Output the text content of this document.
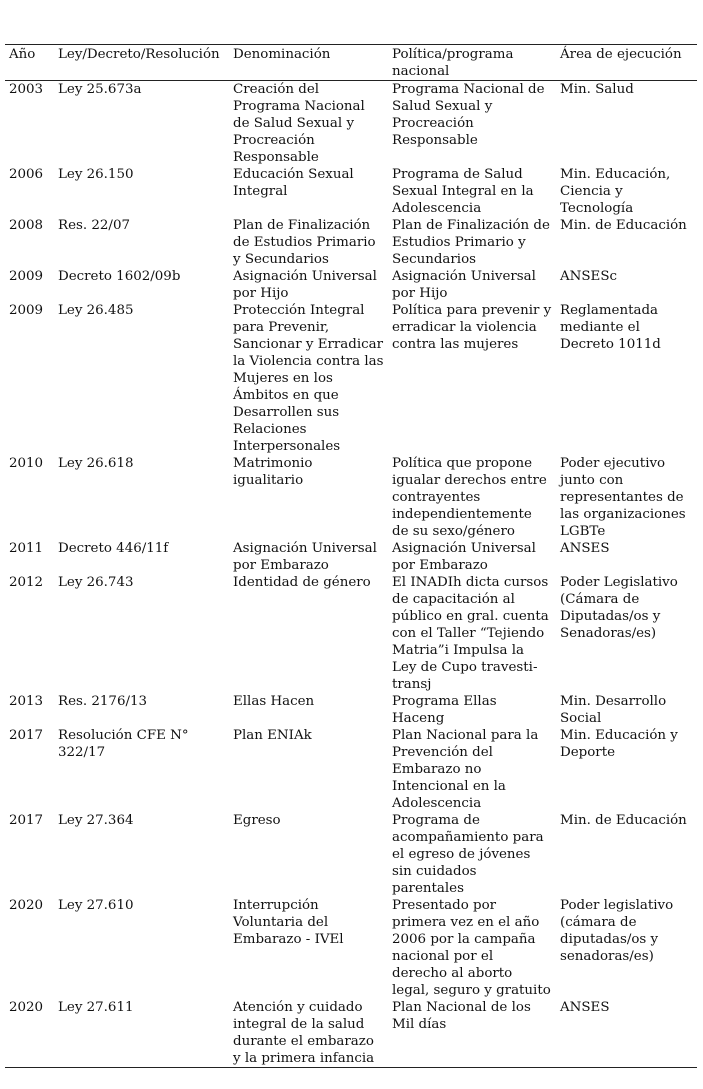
Año	Ley/Decreto/Resolución	Denominación	Política/programa nacional	Área de ejecución
2003	Ley 25.673a	Creación del Programa Nacional de Salud Sexual y Procreación Responsable	Programa Nacional de Salud Sexual y Procreación Responsable	Min. Salud
2006	Ley 26.150	Educación Sexual Integral	Programa de Salud Sexual Integral en la Adolescencia	Min. Educación, Ciencia y Tecnología
2008	Res. 22/07	Plan de Finalización de Estudios Primario y Secundarios	Plan de Finalización de Estudios Primario y Secundarios	Min. de Educación
2009	Decreto 1602/09b	Asignación Universal por Hijo	Asignación Universal por Hijo	ANSESc
2009	Ley 26.485	Protección Integral para Prevenir, Sancionar y Erradicar la Violencia contra las Mujeres en los Ámbitos en que Desarrollen sus Relaciones Interpersonales	Política para prevenir y erradicar la violencia contra las mujeres	Reglamentada mediante el Decreto 1011d
2010	Ley 26.618	Matrimonio igualitario	Política que propone igualar derechos entre contrayentes independientemente de su sexo/género	Poder ejecutivo junto con representantes de las organizaciones LGBTe
2011	Decreto 446/11f	Asignación Universal por Embarazo	Asignación Universal por Embarazo	ANSES
2012	Ley 26.743	Identidad de género	El INADIh dicta cursos de capacitación al público en gral. cuenta con el Taller “Tejiendo Matria”i Impulsa la Ley de Cupo travesti-transj	Poder Legislativo (Cámara de Diputadas/os y Senadoras/es)
2013	Res. 2176/13	Ellas Hacen	Programa Ellas Haceng	Min. Desarrollo Social
2017	Resolución CFE N° 322/17	Plan ENIAk	Plan Nacional para la Prevención del Embarazo no Intencional en la Adolescencia	Min. Educación y Deporte
2017	Ley 27.364	Egreso	Programa de acompañamiento para el egreso de jóvenes sin cuidados parentales	Min. de Educación
2020	Ley 27.610	Interrupción Voluntaria del Embarazo - IVEl	Presentado por primera vez en el año 2006 por la campaña nacional por el derecho al aborto legal, seguro y gratuito	Poder legislativo (cámara de diputadas/os y senadoras/es)
2020	Ley 27.611	Atención y cuidado integral de la salud durante el embarazo y la primera infancia	Plan Nacional de los Mil días	ANSES
